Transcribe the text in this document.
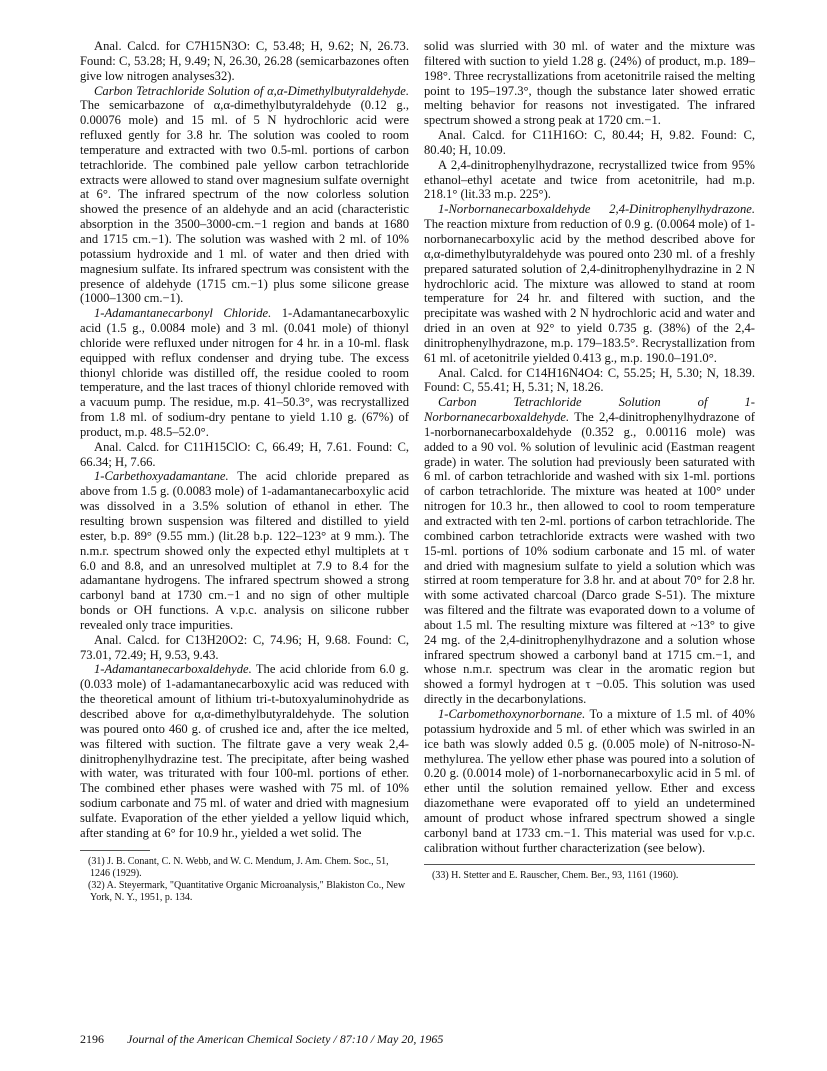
Anal. Calcd. for C7H15N3O: C, 53.48; H, 9.62; N, 26.73. Found: C, 53.28; H, 9.49; N, 26.30, 26.28 (semicarbazones often give low nitrogen analyses32).

Carbon Tetrachloride Solution of α,α-Dimethylbutyraldehyde. The semicarbazone of α,α-dimethylbutyraldehyde (0.12 g., 0.00076 mole) and 15 ml. of 5 N hydrochloric acid were refluxed gently for 3.8 hr. The solution was cooled to room temperature and extracted with two 0.5-ml. portions of carbon tetrachloride. The combined pale yellow carbon tetrachloride extracts were allowed to stand over magnesium sulfate overnight at 6°. The infrared spectrum of the now colorless solution showed the presence of an aldehyde and an acid (characteristic absorption in the 3500–3000-cm.−1 region and bands at 1680 and 1715 cm.−1). The solution was washed with 2 ml. of 10% potassium hydroxide and 1 ml. of water and then dried with magnesium sulfate. Its infrared spectrum was consistent with the presence of aldehyde (1715 cm.−1) plus some silicone grease (1000–1300 cm.−1).

1-Adamantanecarbonyl Chloride. 1-Adamantanecarboxylic acid (1.5 g., 0.0084 mole) and 3 ml. (0.041 mole) of thionyl chloride were refluxed under nitrogen for 4 hr. in a 10-ml. flask equipped with reflux condenser and drying tube. The excess thionyl chloride was distilled off, the residue cooled to room temperature, and the last traces of thionyl chloride removed with a vacuum pump. The residue, m.p. 41–50.3°, was recrystallized from 1.8 ml. of sodium-dry pentane to yield 1.10 g. (67%) of product, m.p. 48.5–52.0°.

Anal. Calcd. for C11H15ClO: C, 66.49; H, 7.61. Found: C, 66.34; H, 7.66.

1-Carbethoxyadamantane. The acid chloride prepared as above from 1.5 g. (0.0083 mole) of 1-adamantanecarboxylic acid was dissolved in a 3.5% solution of ethanol in ether. The resulting brown suspension was filtered and distilled to yield ester, b.p. 89° (9.55 mm.) (lit.28 b.p. 122–123° at 9 mm.). The n.m.r. spectrum showed only the expected ethyl multiplets at τ 6.0 and 8.8, and an unresolved multiplet at 7.9 to 8.4 for the adamantane hydrogens. The infrared spectrum showed a strong carbonyl band at 1730 cm.−1 and no sign of other multiple bonds or OH functions. A v.p.c. analysis on silicone rubber revealed only trace impurities.

Anal. Calcd. for C13H20O2: C, 74.96; H, 9.68. Found: C, 73.01, 72.49; H, 9.53, 9.43.

1-Adamantanecarboxaldehyde. The acid chloride from 6.0 g. (0.033 mole) of 1-adamantanecarboxylic acid was reduced with the theoretical amount of lithium tri-t-butoxyaluminohydride as described above for α,α-dimethylbutyraldehyde. The solution was poured onto 460 g. of crushed ice and, after the ice melted, was filtered with suction. The filtrate gave a very weak 2,4-dinitrophenylhydrazine test. The precipitate, after being washed with water, was triturated with four 100-ml. portions of ether. The combined ether phases were washed with 75 ml. of 10% sodium carbonate and 75 ml. of water and dried with magnesium sulfate. Evaporation of the ether yielded a yellow liquid which, after standing at 6° for 10.9 hr., yielded a wet solid. The

(31) J. B. Conant, C. N. Webb, and W. C. Mendum, J. Am. Chem. Soc., 51, 1246 (1929).

(32) A. Steyermark, "Quantitative Organic Microanalysis," Blakiston Co., New York, N. Y., 1951, p. 134.

solid was slurried with 30 ml. of water and the mixture was filtered with suction to yield 1.28 g. (24%) of product, m.p. 189–198°. Three recrystallizations from acetonitrile raised the melting point to 195–197.3°, though the substance later showed erratic melting behavior for reasons not investigated. The infrared spectrum showed a strong peak at 1720 cm.−1.

Anal. Calcd. for C11H16O: C, 80.44; H, 9.82. Found: C, 80.40; H, 10.09.

A 2,4-dinitrophenylhydrazone, recrystallized twice from 95% ethanol–ethyl acetate and twice from acetonitrile, had m.p. 218.1° (lit.33 m.p. 225°).

1-Norbornanecarboxaldehyde 2,4-Dinitrophenylhydrazone. The reaction mixture from reduction of 0.9 g. (0.0064 mole) of 1-norbornanecarboxylic acid by the method described above for α,α-dimethylbutyraldehyde was poured onto 230 ml. of a freshly prepared saturated solution of 2,4-dinitrophenylhydrazine in 2 N hydrochloric acid. The mixture was allowed to stand at room temperature for 24 hr. and filtered with suction, and the precipitate was washed with 2 N hydrochloric acid and water and dried in an oven at 92° to yield 0.735 g. (38%) of the 2,4-dinitrophenylhydrazone, m.p. 179–183.5°. Recrystallization from 61 ml. of acetonitrile yielded 0.413 g., m.p. 190.0–191.0°.

Anal. Calcd. for C14H16N4O4: C, 55.25; H, 5.30; N, 18.39. Found: C, 55.41; H, 5.31; N, 18.26.

Carbon Tetrachloride Solution of 1-Norbornanecarboxaldehyde. The 2,4-dinitrophenylhydrazone of 1-norbornanecarboxaldehyde (0.352 g., 0.00116 mole) was added to a 90 vol. % solution of levulinic acid (Eastman reagent grade) in water. The solution had previously been saturated with 6 ml. of carbon tetrachloride and washed with six 1-ml. portions of carbon tetrachloride. The mixture was heated at 100° under nitrogen for 10.3 hr., then allowed to cool to room temperature and extracted with ten 2-ml. portions of carbon tetrachloride. The combined carbon tetrachloride extracts were washed with two 15-ml. portions of 10% sodium carbonate and 15 ml. of water and dried with magnesium sulfate to yield a solution which was stirred at room temperature for 3.8 hr. and at about 70° for 2.8 hr. with some activated charcoal (Darco grade S-51). The mixture was filtered and the filtrate was evaporated down to a volume of about 1.5 ml. The resulting mixture was filtered at ~13° to give 24 mg. of the 2,4-dinitrophenylhydrazone and a solution whose infrared spectrum showed a carbonyl band at 1715 cm.−1, and whose n.m.r. spectrum was clear in the aromatic region but showed a formyl hydrogen at τ −0.05. This solution was used directly in the decarbonylations.

1-Carbomethoxynorbornane. To a mixture of 1.5 ml. of 40% potassium hydroxide and 5 ml. of ether which was swirled in an ice bath was slowly added 0.5 g. (0.005 mole) of N-nitroso-N-methylurea. The yellow ether phase was poured into a solution of 0.20 g. (0.0014 mole) of 1-norbornanecarboxylic acid in 5 ml. of ether until the solution remained yellow. Ether and excess diazomethane were evaporated off to yield an undetermined amount of product whose infrared spectrum showed a single carbonyl band at 1733 cm.−1. This material was used for v.p.c. calibration without further characterization (see below).

(33) H. Stetter and E. Rauscher, Chem. Ber., 93, 1161 (1960).

2196 Journal of the American Chemical Society / 87:10 / May 20, 1965
